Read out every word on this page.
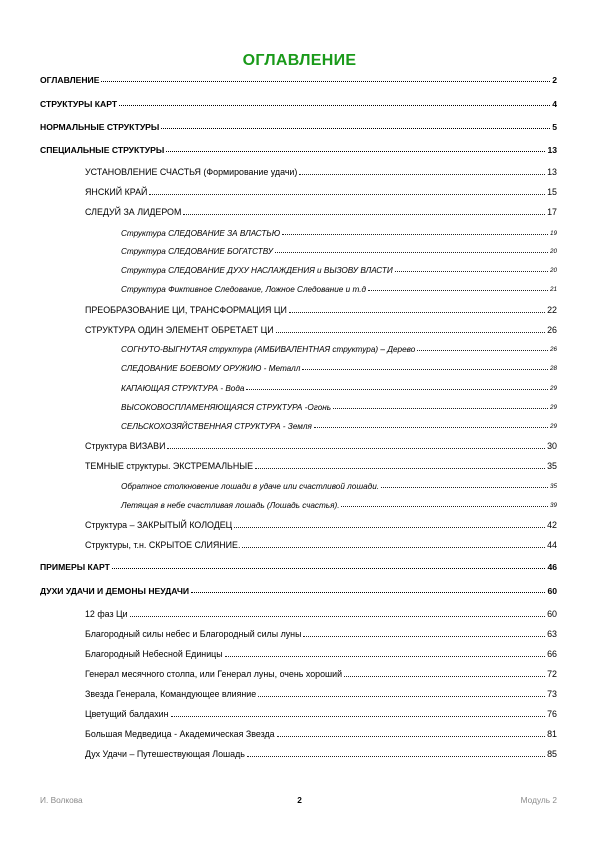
ОГЛАВЛЕНИЕ
ОГЛАВЛЕНИЕ	2
СТРУКТУРЫ КАРТ	4
НОРМАЛЬНЫЕ СТРУКТУРЫ	5
СПЕЦИАЛЬНЫЕ СТРУКТУРЫ	13
УСТАНОВЛЕНИЕ СЧАСТЬЯ (Формирование удачи)	13
ЯНСКИЙ КРАЙ	15
СЛЕДУЙ ЗА ЛИДЕРОМ	17
Структура СЛЕДОВАНИЕ ЗА ВЛАСТЬЮ	19
Структура СЛЕДОВАНИЕ БОГАТСТВУ	20
Структура СЛЕДОВАНИЕ ДУХУ НАСЛАЖДЕНИЯ и ВЫЗОВУ ВЛАСТИ	20
Структура Фиктивное Следование, Ложное Следование и т.д	21
ПРЕОБРАЗОВАНИЕ ЦИ, ТРАНСФОРМАЦИЯ ЦИ	22
СТРУКТУРА ОДИН ЭЛЕМЕНТ ОБРЕТАЕТ ЦИ	26
СОГНУТО-ВЫГНУТАЯ структура (АМБИВАЛЕНТНАЯ структура) – Дерево	26
СЛЕДОВАНИЕ БОЕВОМУ ОРУЖИЮ - Металл	28
КАПАЮЩАЯ СТРУКТУРА - Вода	29
ВЫСОКОВОСПЛАМЕНЯЮЩАЯСЯ СТРУКТУРА -Огонь	29
СЕЛЬСКОХОЗЯЙСТВЕННАЯ СТРУКТУРА - Земля	29
Структура ВИЗАВИ	30
ТЕМНЫЕ структуры. ЭКСТРЕМАЛЬНЫЕ	35
Обратное столкновение лошади в удаче или счастливой лошади.	35
Летящая в небе счастливая лошадь (Лошадь счастья).	39
Структура – ЗАКРЫТЫЙ КОЛОДЕЦ	42
Структуры, т.н. СКРЫТОЕ СЛИЯНИЕ.	44
ПРИМЕРЫ КАРТ	46
ДУХИ УДАЧИ И ДЕМОНЫ НЕУДАЧИ	60
12 фаз Ци	60
Благородный силы небес и Благородный силы луны	63
Благородный Небесной Единицы	66
Генерал месячного столпа, или Генерал луны, очень хороший	72
Звезда Генерала, Командующее влияние	73
Цветущий балдахин	76
Большая Медведица - Академическая Звезда	81
Дух Удачи – Путешествующая Лошадь	85
И. Волкова	2	Модуль 2
